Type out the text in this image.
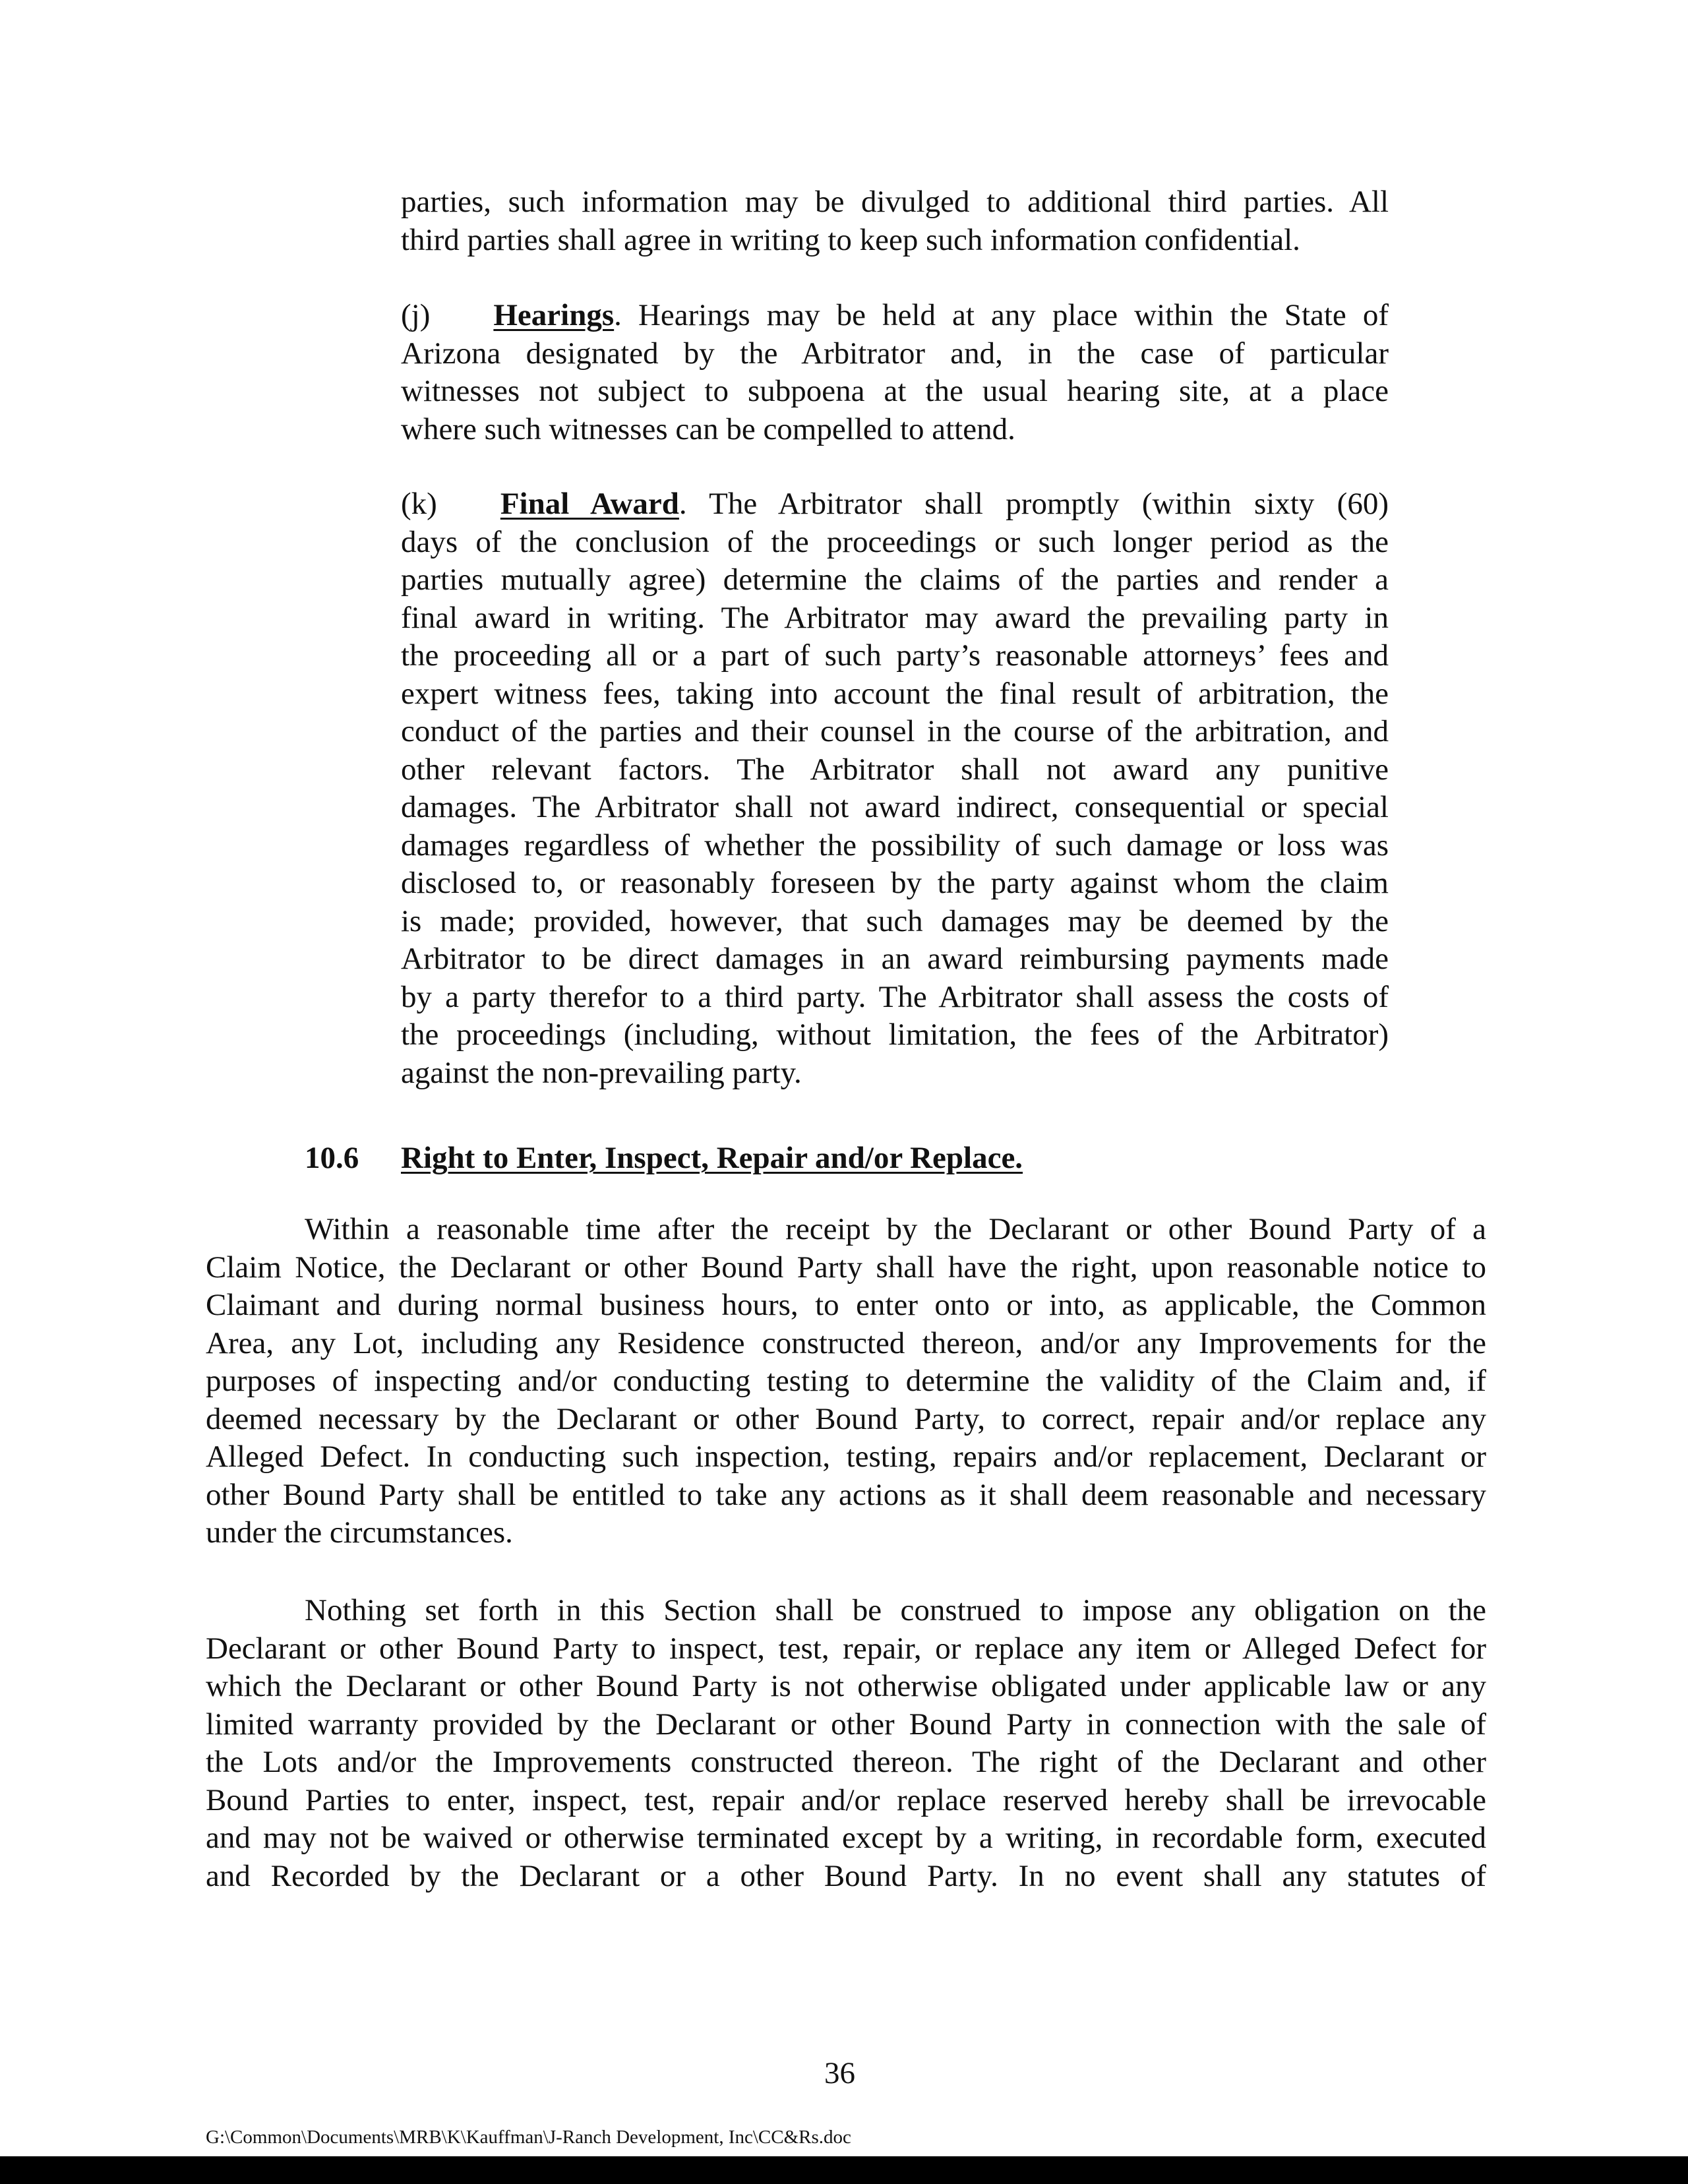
parties, such information may be divulged to additional third parties. All
third parties shall agree in writing to keep such information confidential.
(j) Hearings. Hearings may be held at any place within the State of
Arizona designated by the Arbitrator and, in the case of particular
witnesses not subject to subpoena at the usual hearing site, at a place
where such witnesses can be compelled to attend.
(k) Final Award. The Arbitrator shall promptly (within sixty (60)
days of the conclusion of the proceedings or such longer period as the
parties mutually agree) determine the claims of the parties and render a
final award in writing. The Arbitrator may award the prevailing party in
the proceeding all or a part of such party’s reasonable attorneys’ fees and
expert witness fees, taking into account the final result of arbitration, the
conduct of the parties and their counsel in the course of the arbitration, and
other relevant factors. The Arbitrator shall not award any punitive
damages. The Arbitrator shall not award indirect, consequential or special
damages regardless of whether the possibility of such damage or loss was
disclosed to, or reasonably foreseen by the party against whom the claim
is made; provided, however, that such damages may be deemed by the
Arbitrator to be direct damages in an award reimbursing payments made
by a party therefor to a third party. The Arbitrator shall assess the costs of
the proceedings (including, without limitation, the fees of the Arbitrator)
against the non-prevailing party.
10.6 Right to Enter, Inspect, Repair and/or Replace.
Within a reasonable time after the receipt by the Declarant or other Bound Party of a
Claim Notice, the Declarant or other Bound Party shall have the right, upon reasonable notice to
Claimant and during normal business hours, to enter onto or into, as applicable, the Common
Area, any Lot, including any Residence constructed thereon, and/or any Improvements for the
purposes of inspecting and/or conducting testing to determine the validity of the Claim and, if
deemed necessary by the Declarant or other Bound Party, to correct, repair and/or replace any
Alleged Defect. In conducting such inspection, testing, repairs and/or replacement, Declarant or
other Bound Party shall be entitled to take any actions as it shall deem reasonable and necessary
under the circumstances.
Nothing set forth in this Section shall be construed to impose any obligation on the
Declarant or other Bound Party to inspect, test, repair, or replace any item or Alleged Defect for
which the Declarant or other Bound Party is not otherwise obligated under applicable law or any
limited warranty provided by the Declarant or other Bound Party in connection with the sale of
the Lots and/or the Improvements constructed thereon. The right of the Declarant and other
Bound Parties to enter, inspect, test, repair and/or replace reserved hereby shall be irrevocable
and may not be waived or otherwise terminated except by a writing, in recordable form, executed
and Recorded by the Declarant or a other Bound Party. In no event shall any statutes of
36
G:\Common\Documents\MRB\K\Kauffman\J-Ranch Development, Inc\CC&Rs.doc
